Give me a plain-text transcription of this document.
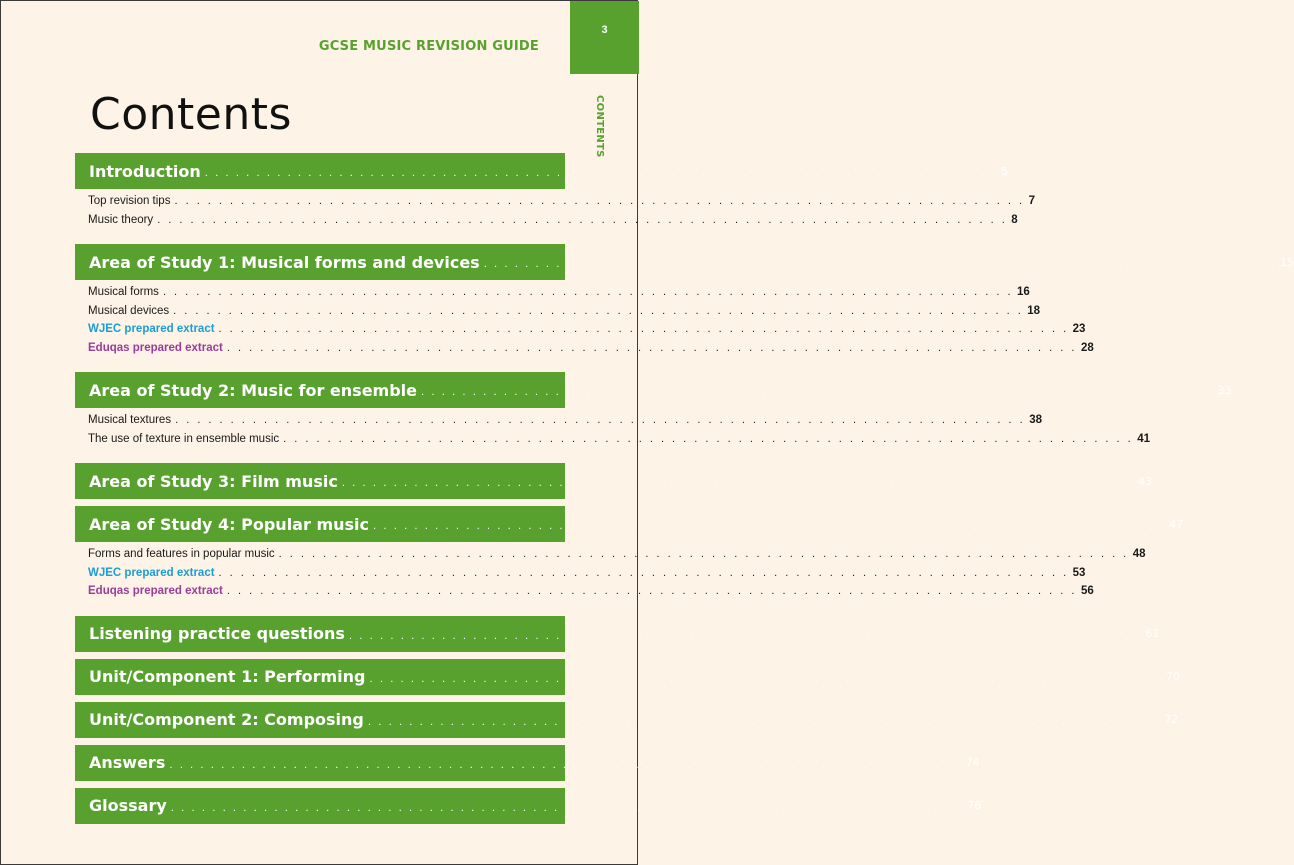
GCSE MUSIC REVISION GUIDE
3
CONTENTS
Contents
Introduction . . . . . . . . . . . . . . . . . . . . . . . . . . . . . . . . . . . . . . . . . . . . . . . . . . . . . . . . . . . . . . . . . . . . . . . . . . . . . 5
Top revision tips . . . . . . . . . . . . . . . . . . . . . . . . . . . . . . . . . . . . . . . . . . . . . . . . . . . . . . . . . . . . . . . . . . . . . . . . . . . . . 7
Music theory . . . . . . . . . . . . . . . . . . . . . . . . . . . . . . . . . . . . . . . . . . . . . . . . . . . . . . . . . . . . . . . . . . . . . . . . . . . . . 8
Area of Study 1: Musical forms and devices . . . . . . . . . . . . . . . . . . . . . . . . . . . . . . . . . . . . . . . . . . . . . . . . . . . . . . . . . . . . . . . . . . . . . . . . . . . . . 15
Musical forms . . . . . . . . . . . . . . . . . . . . . . . . . . . . . . . . . . . . . . . . . . . . . . . . . . . . . . . . . . . . . . . . . . . . . . . . . . . . . 16
Musical devices . . . . . . . . . . . . . . . . . . . . . . . . . . . . . . . . . . . . . . . . . . . . . . . . . . . . . . . . . . . . . . . . . . . . . . . . . . . . . 18
WJEC prepared extract . . . . . . . . . . . . . . . . . . . . . . . . . . . . . . . . . . . . . . . . . . . . . . . . . . . . . . . . . . . . . . . . . . . . . . . . . . . . . 23
Eduqas prepared extract . . . . . . . . . . . . . . . . . . . . . . . . . . . . . . . . . . . . . . . . . . . . . . . . . . . . . . . . . . . . . . . . . . . . . . . . . . . . . 28
Area of Study 2: Music for ensemble . . . . . . . . . . . . . . . . . . . . . . . . . . . . . . . . . . . . . . . . . . . . . . . . . . . . . . . . . . . . . . . . . . . . . . . . . . . . . 33
Musical textures . . . . . . . . . . . . . . . . . . . . . . . . . . . . . . . . . . . . . . . . . . . . . . . . . . . . . . . . . . . . . . . . . . . . . . . . . . . . . 38
The use of texture in ensemble music . . . . . . . . . . . . . . . . . . . . . . . . . . . . . . . . . . . . . . . . . . . . . . . . . . . . . . . . . . . . . . . . . . . . . . . . . . . . . 41
Area of Study 3: Film music . . . . . . . . . . . . . . . . . . . . . . . . . . . . . . . . . . . . . . . . . . . . . . . . . . . . . . . . . . . . . . . . . . . . . . . . . . . . . 43
Area of Study 4: Popular music . . . . . . . . . . . . . . . . . . . . . . . . . . . . . . . . . . . . . . . . . . . . . . . . . . . . . . . . . . . . . . . . . . . . . . . . . . . . . 47
Forms and features in popular music . . . . . . . . . . . . . . . . . . . . . . . . . . . . . . . . . . . . . . . . . . . . . . . . . . . . . . . . . . . . . . . . . . . . . . . . . . . . . 48
WJEC prepared extract . . . . . . . . . . . . . . . . . . . . . . . . . . . . . . . . . . . . . . . . . . . . . . . . . . . . . . . . . . . . . . . . . . . . . . . . . . . . . 53
Eduqas prepared extract . . . . . . . . . . . . . . . . . . . . . . . . . . . . . . . . . . . . . . . . . . . . . . . . . . . . . . . . . . . . . . . . . . . . . . . . . . . . . 56
Listening practice questions . . . . . . . . . . . . . . . . . . . . . . . . . . . . . . . . . . . . . . . . . . . . . . . . . . . . . . . . . . . . . . . . . . . . . . . . . . . . . 61
Unit/Component 1: Performing . . . . . . . . . . . . . . . . . . . . . . . . . . . . . . . . . . . . . . . . . . . . . . . . . . . . . . . . . . . . . . . . . . . . . . . . . . . . . 70
Unit/Component 2: Composing . . . . . . . . . . . . . . . . . . . . . . . . . . . . . . . . . . . . . . . . . . . . . . . . . . . . . . . . . . . . . . . . . . . . . . . . . . . . . 72
Answers . . . . . . . . . . . . . . . . . . . . . . . . . . . . . . . . . . . . . . . . . . . . . . . . . . . . . . . . . . . . . . . . . . . . . . . . . . . . . 74
Glossary . . . . . . . . . . . . . . . . . . . . . . . . . . . . . . . . . . . . . . . . . . . . . . . . . . . . . . . . . . . . . . . . . . . . . . . . . . . . . 76
